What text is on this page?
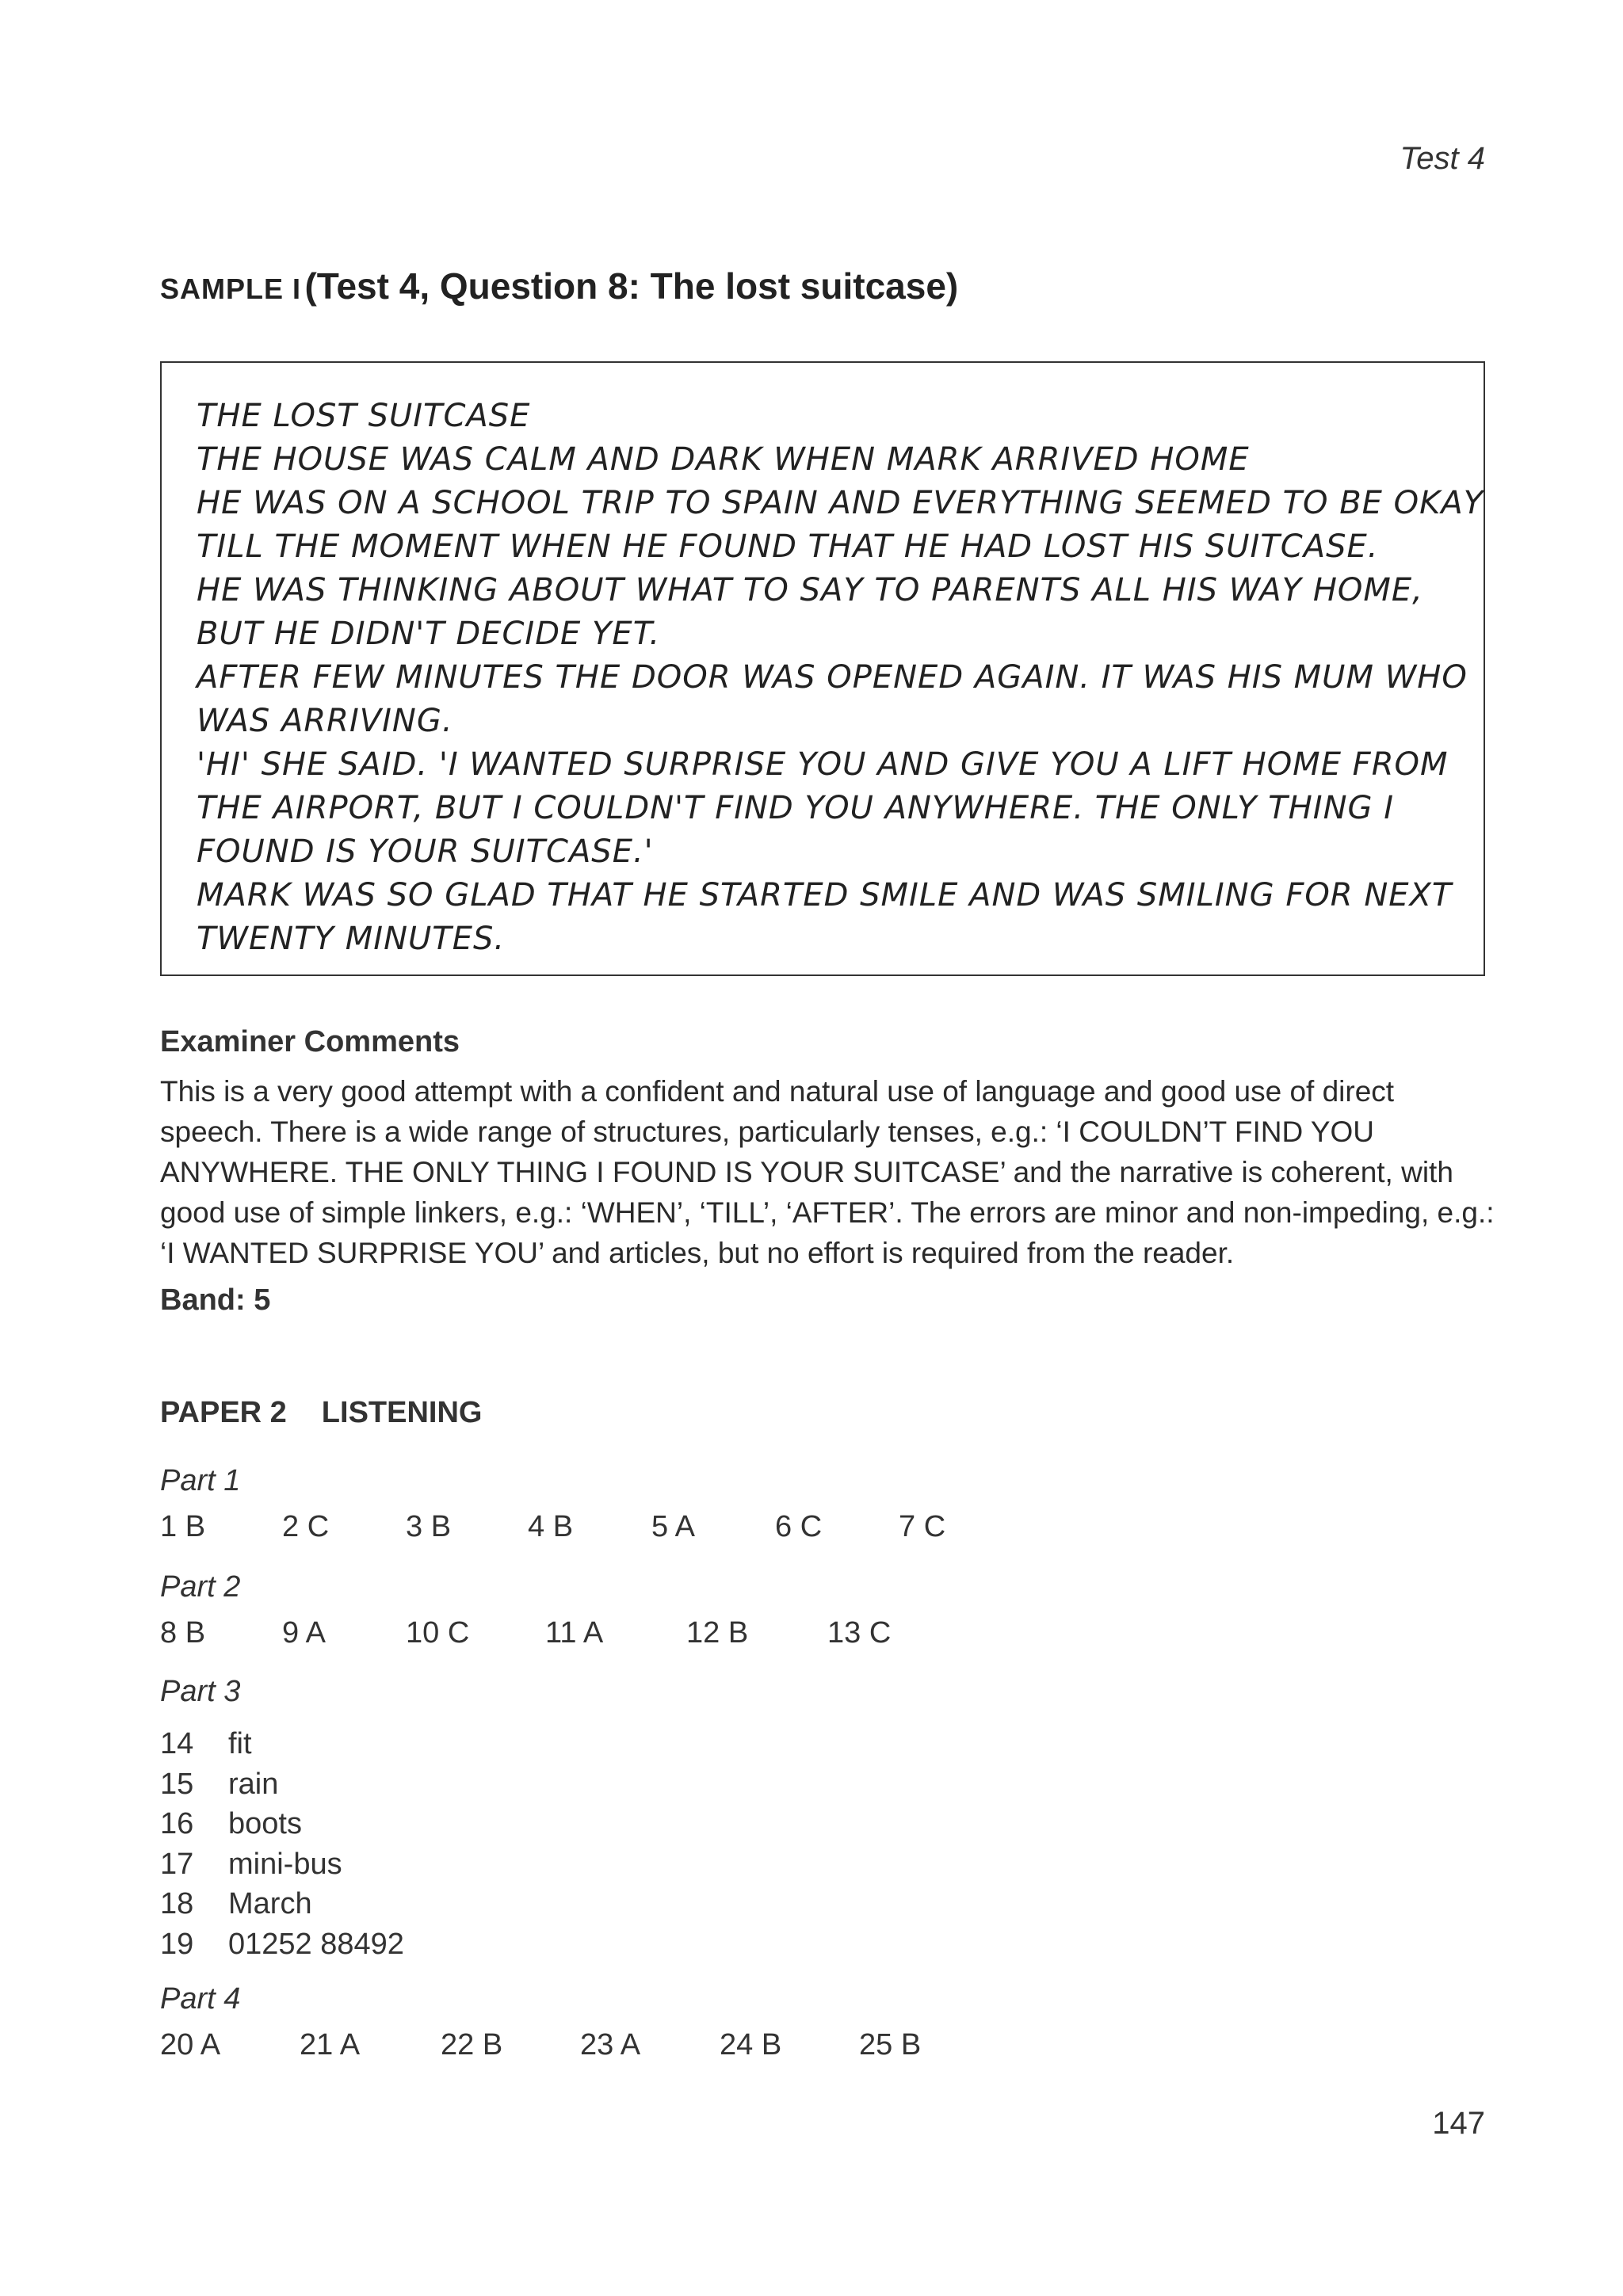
Test 4
SAMPLE I (Test 4, Question 8: The lost suitcase)
THE LOST SUITCASE
THE HOUSE WAS CALM AND DARK WHEN MARK ARRIVED HOME
HE WAS ON A SCHOOL TRIP TO SPAIN AND EVERYTHING SEEMED TO BE OKAY
TILL THE MOMENT WHEN HE FOUND THAT HE HAD LOST HIS SUITCASE.
HE WAS THINKING ABOUT WHAT TO SAY TO PARENTS ALL HIS WAY HOME,
BUT HE DIDN'T DECIDE YET.
AFTER FEW MINUTES THE DOOR WAS OPENED AGAIN. IT WAS HIS MUM WHO
WAS ARRIVING.
'HI' SHE SAID. 'I WANTED SURPRISE YOU AND GIVE YOU A LIFT HOME FROM
THE AIRPORT, BUT I COULDN'T FIND YOU ANYWHERE. THE ONLY THING I
FOUND IS YOUR SUITCASE.'
MARK WAS SO GLAD THAT HE STARTED SMILE AND WAS SMILING FOR NEXT
TWENTY MINUTES.
Examiner Comments
This is a very good attempt with a confident and natural use of language and good use of direct speech. There is a wide range of structures, particularly tenses, e.g.: ‘I COULDN’T FIND YOU ANYWHERE. THE ONLY THING I FOUND IS YOUR SUITCASE’ and the narrative is coherent, with good use of simple linkers, e.g.: ‘WHEN’, ‘TILL’, ‘AFTER’. The errors are minor and non-impeding, e.g.: ‘I WANTED SURPRISE YOU’ and articles, but no effort is required from the reader.
Band: 5
PAPER 2 LISTENING
Part 1
1 B	2 C	3 B	4 B	5 A	6 C	7 C
Part 2
8 B	9 A	10 C	11 A	12 B	13 C
Part 3
14 fit
15 rain
16 boots
17 mini-bus
18 March
19 01252 88492
Part 4
20 A	21 A	22 B	23 A	24 B	25 B
147
